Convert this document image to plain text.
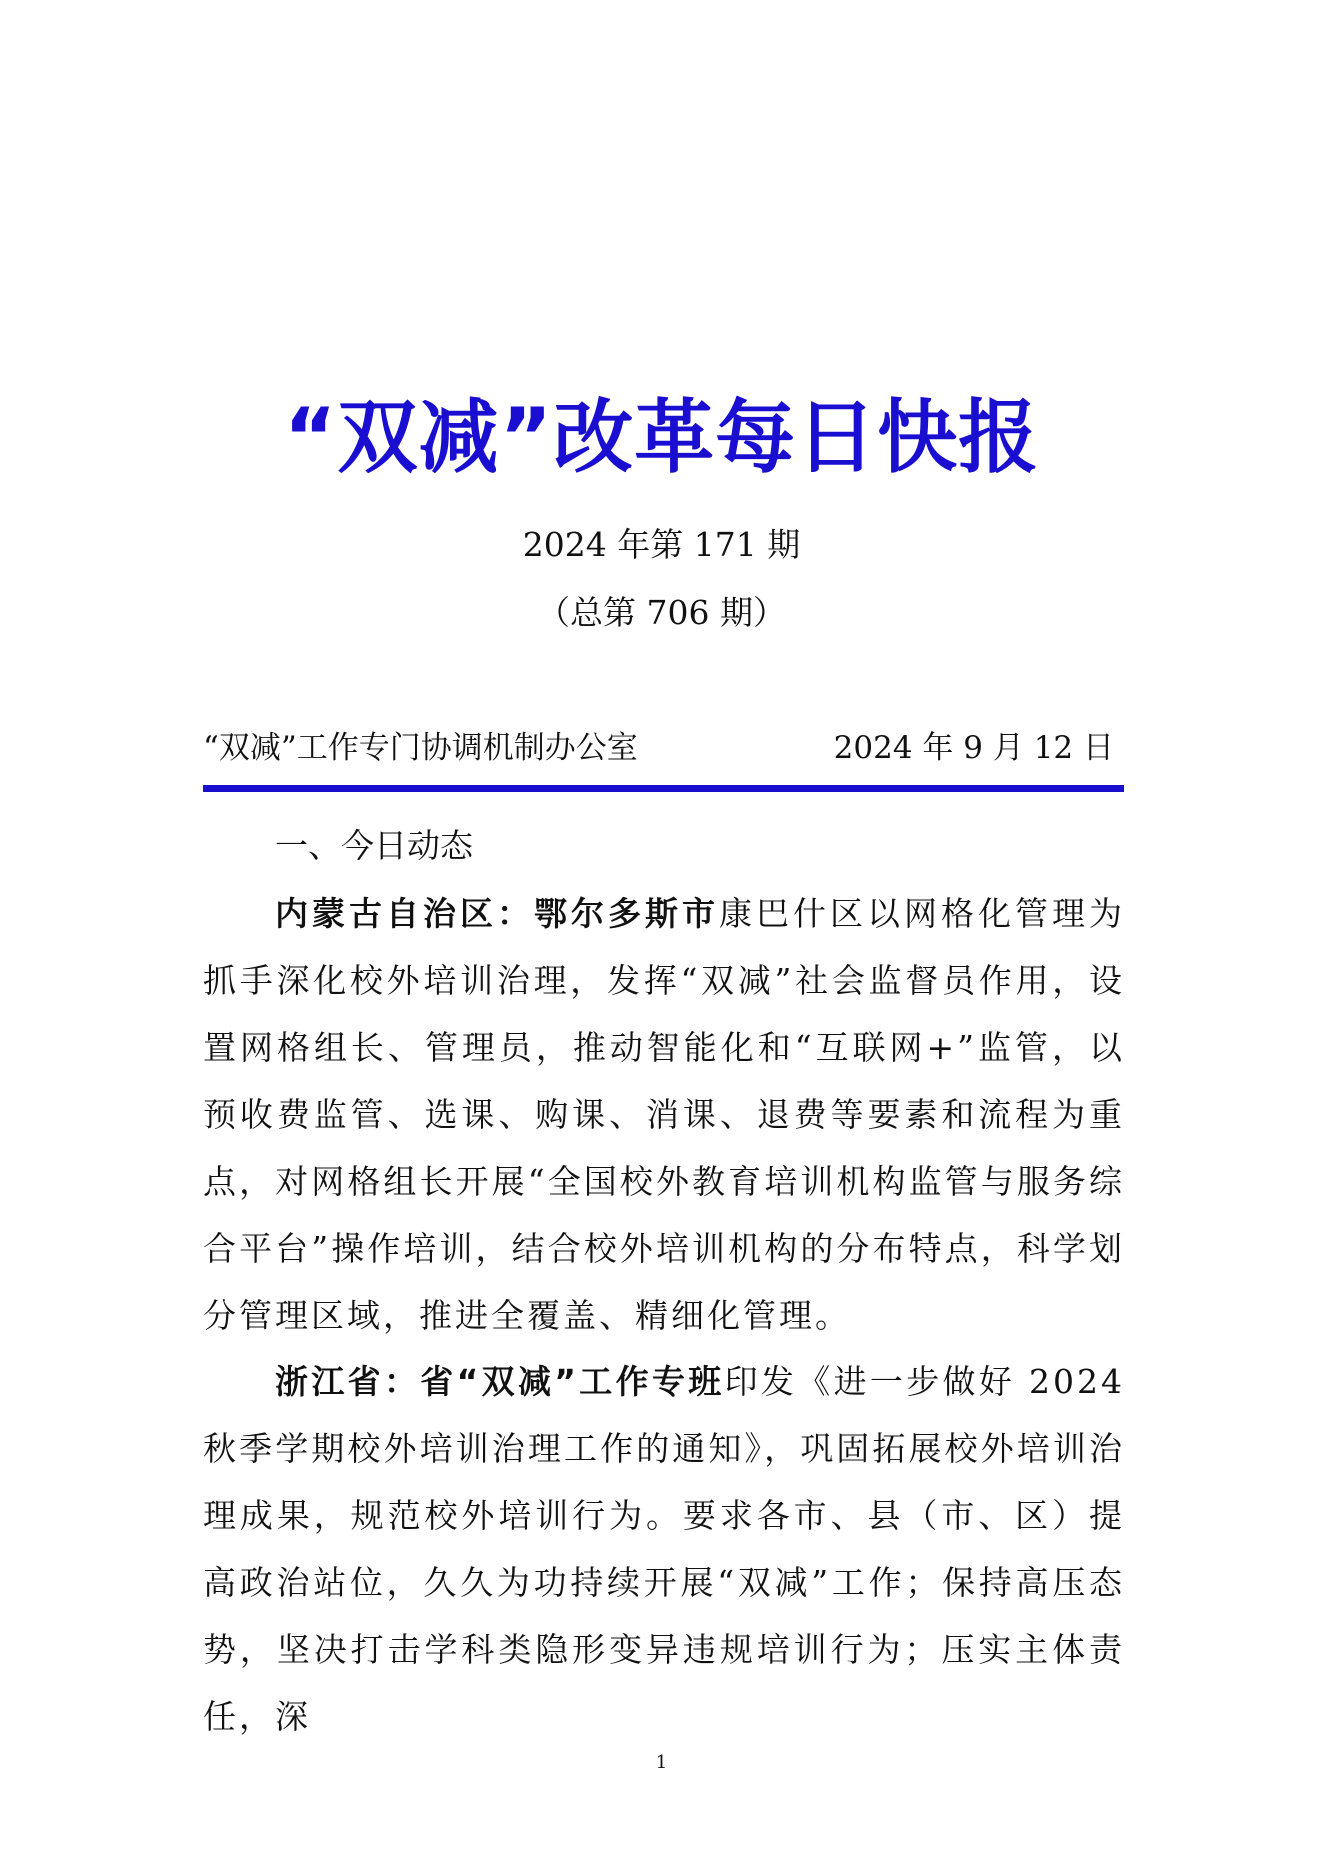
“双减”改革每日快报
2024 年第 171 期
（总第 706 期）
“双减”工作专门协调机制办公室	2024 年 9 月 12 日
一、今日动态

内蒙古自治区：鄂尔多斯市康巴什区以网格化管理为抓手深化校外培训治理，发挥“双减”社会监督员作用，设置网格组长、管理员，推动智能化和“互联网+”监管，以预收费监管、选课、购课、消课、退费等要素和流程为重点，对网格组长开展“全国校外教育培训机构监管与服务综合平台”操作培训，结合校外培训机构的分布特点，科学划分管理区域，推进全覆盖、精细化管理。

浙江省：省“双减”工作专班印发《进一步做好 2024 秋季学期校外培训治理工作的通知》，巩固拓展校外培训治理成果，规范校外培训行为。要求各市、县（市、区）提高政治站位，久久为功持续开展“双减”工作；保持高压态势，坚决打击学科类隐形变异违规培训行为；压实主体责任，深

1
